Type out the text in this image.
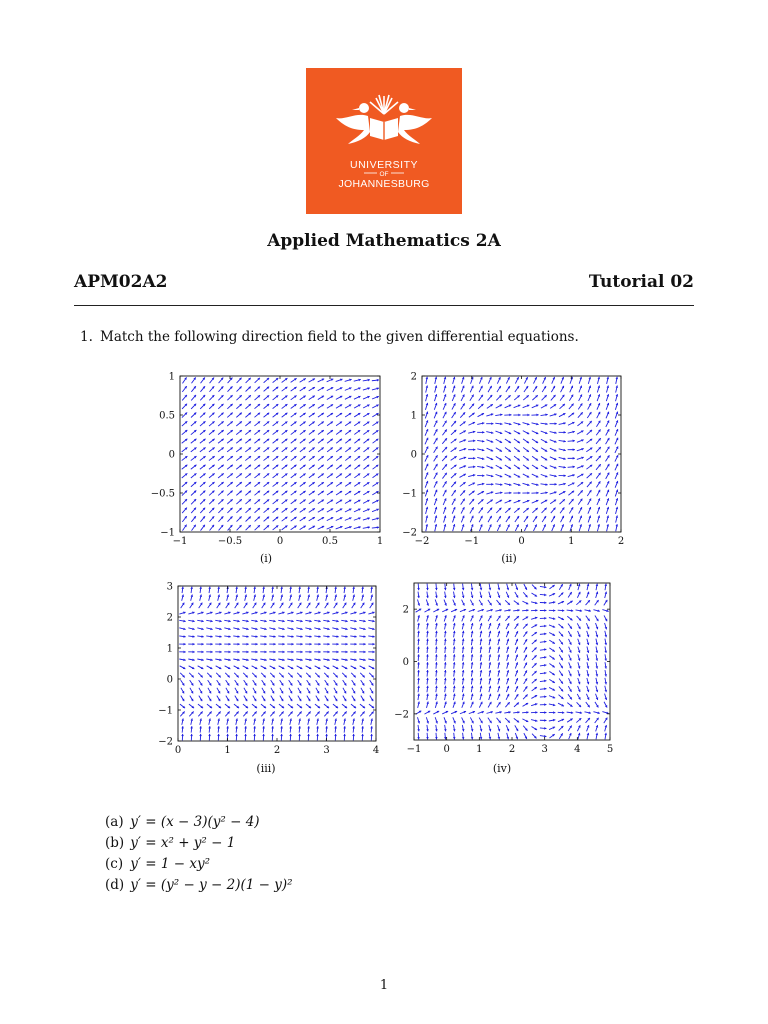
UNIVERSITY
OF
JOHANNESBURG
Applied Mathematics 2A
APM02A2	Tutorial 02
1. Match the following direction field to the given differential equations.
−1	−0.5	0	0.5	1
−1
−0.5
0
0.5
1
(i)
−2	−1	0	1	2
−2
−1
0
1
2
(ii)
0	1	2	3	4
−2
−1
0
1
2
3
(iii)
−1 0	1	2	3	4	5
−2
0
2
(iv)
(a) y′ = (x − 3)(y² − 4)
(b) y′ = x² + y² − 1
(c) y′ = 1 − xy²
(d) y′ = (y² − y − 2)(1 − y)²
1
